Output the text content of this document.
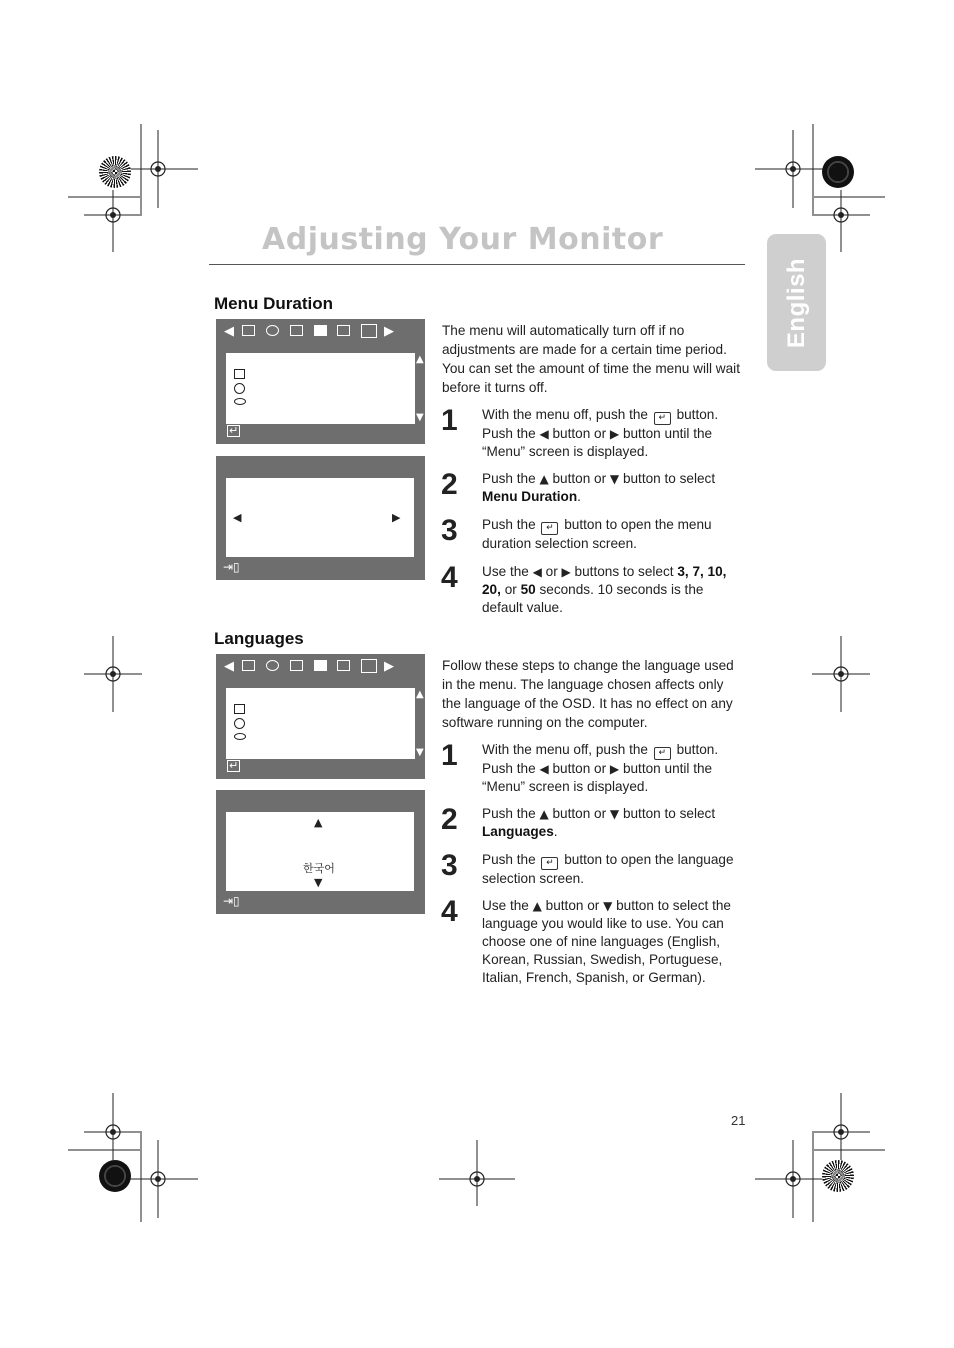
Adjusting Your Monitor
English
Menu Duration
◀	▶
▲
▼
↵
◀	▶
⇥▯
The menu will automatically turn off if no adjustments are made for a certain time period. You can set the amount of time the menu will wait before it turns off.
1 With the menu off, push the ↵ button. Push the ◀ button or ▶ button until the “Menu” screen is displayed.
2 Push the ▲ button or ▼ button to select Menu Duration.
3 Push the ↵ button to open the menu duration selection screen.
4 Use the ◀ or ▶ buttons to select 3, 7, 10, 20, or 50 seconds. 10 seconds is the default value.
Languages
◀	▶
▲
▼
↵
▲
한국어
▼
⇥▯
Follow these steps to change the language used in the menu. The language chosen affects only the language of the OSD. It has no effect on any software running on the computer.
1 With the menu off, push the ↵ button. Push the ◀ button or ▶ button until the “Menu” screen is displayed.
2 Push the ▲ button or ▼ button to select Languages.
3 Push the ↵ button to open the language selection screen.
4 Use the ▲ button or ▼ button to select the language you would like to use. You can choose one of nine languages (English, Korean, Russian, Swedish, Portuguese, Italian, French, Spanish, or German).
21
